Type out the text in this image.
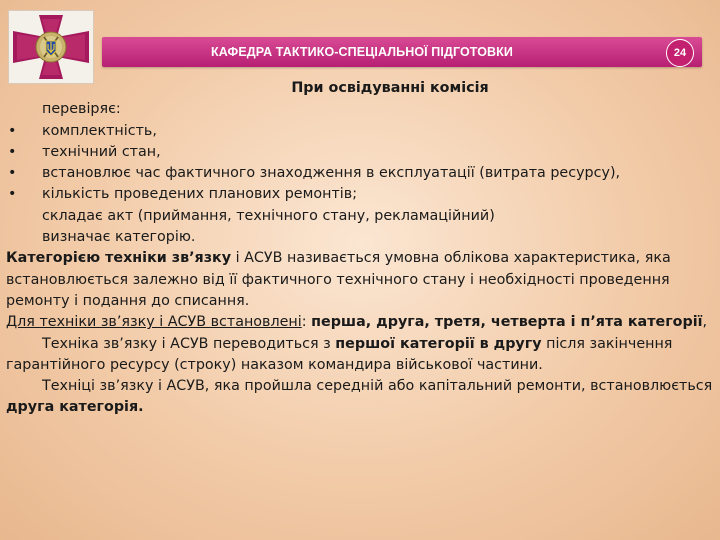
КАФЕДРА ТАКТИКО-СПЕЦІАЛЬНОЇ ПІДГОТОВКИ	24
При освідуванні комісія
перевіряє:
• комплектність,
• технічний стан,
• встановлює час фактичного знаходження в експлуатації (витрата ресурсу),
• кількість проведених планових ремонтів;
складає акт (приймання, технічного стану, рекламаційний)
визначає категорію.

Категорією техніки зв’язку і АСУВ називається умовна облікова характеристика, яка встановлюється залежно від її фактичного технічного стану і необхідності проведення ремонту і подання до списання.

Для техніки зв’язку і АСУВ встановлені: перша, друга, третя, четверта і п’ята категорії,

Техніка зв’язку і АСУВ переводиться з першої категорії в другу після закінчення гарантійного ресурсу (строку) наказом командира військової частини.

Техніці зв’язку і АСУВ, яка пройшла середній або капітальний ремонти, встановлюється друга категорія.
